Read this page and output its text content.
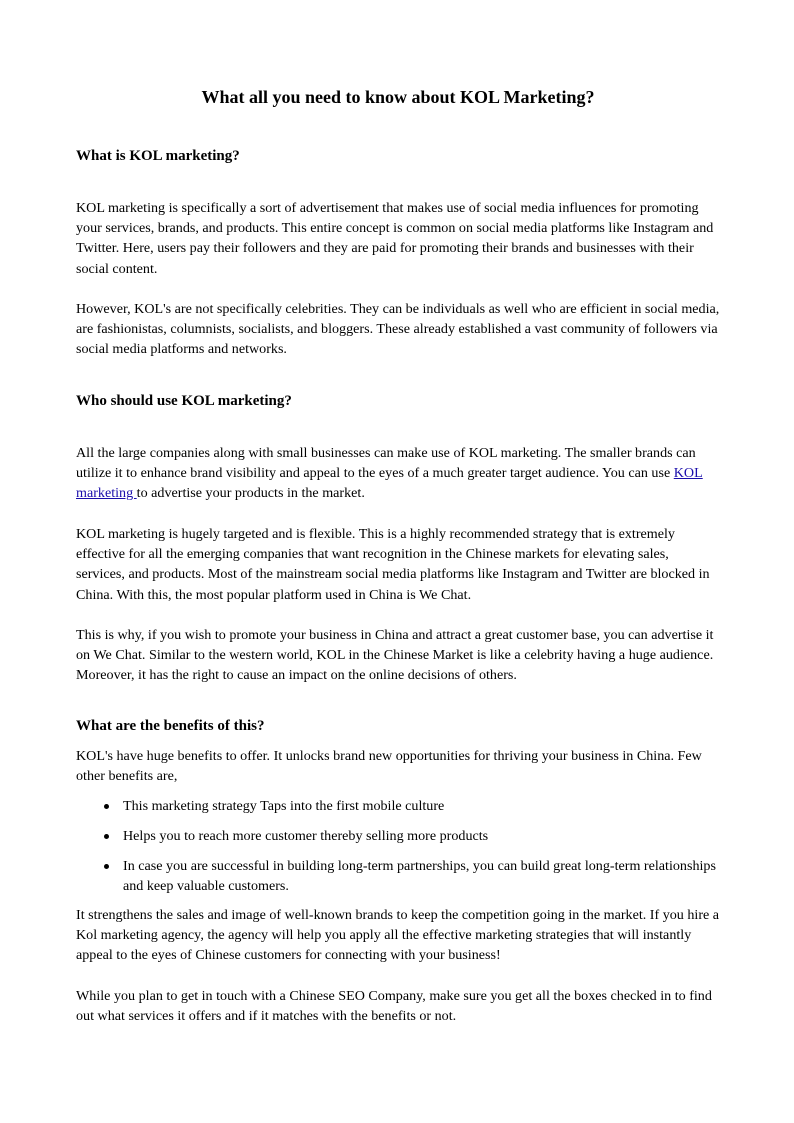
What all you need to know about KOL Marketing?
What is KOL marketing?

KOL marketing is specifically a sort of advertisement that makes use of social media influences for promoting your services, brands, and products. This entire concept is common on social media platforms like Instagram and Twitter. Here, users pay their followers and they are paid for promoting their brands and businesses with their social content.

However, KOL's are not specifically celebrities. They can be individuals as well who are efficient in social media, are fashionistas, columnists, socialists, and bloggers. These already established a vast community of followers via social media platforms and networks.

Who should use KOL marketing?

All the large companies along with small businesses can make use of KOL marketing. The smaller brands can utilize it to enhance brand visibility and appeal to the eyes of a much greater target audience. You can use KOL marketing to advertise your products in the market.

KOL marketing is hugely targeted and is flexible. This is a highly recommended strategy that is extremely effective for all the emerging companies that want recognition in the Chinese markets for elevating sales, services, and products. Most of the mainstream social media platforms like Instagram and Twitter are blocked in China. With this, the most popular platform used in China is We Chat.

This is why, if you wish to promote your business in China and attract a great customer base, you can advertise it on We Chat. Similar to the western world, KOL in the Chinese Market is like a celebrity having a huge audience. Moreover, it has the right to cause an impact on the online decisions of others.

What are the benefits of this?

KOL's have huge benefits to offer. It unlocks brand new opportunities for thriving your business in China. Few other benefits are,

This marketing strategy Taps into the first mobile culture
Helps you to reach more customer thereby selling more products
In case you are successful in building long-term partnerships, you can build great long-term relationships and keep valuable customers.

It strengthens the sales and image of well-known brands to keep the competition going in the market. If you hire a Kol marketing agency, the agency will help you apply all the effective marketing strategies that will instantly appeal to the eyes of Chinese customers for connecting with your business!

While you plan to get in touch with a Chinese SEO Company, make sure you get all the boxes checked in to find out what services it offers and if it matches with the benefits or not.
